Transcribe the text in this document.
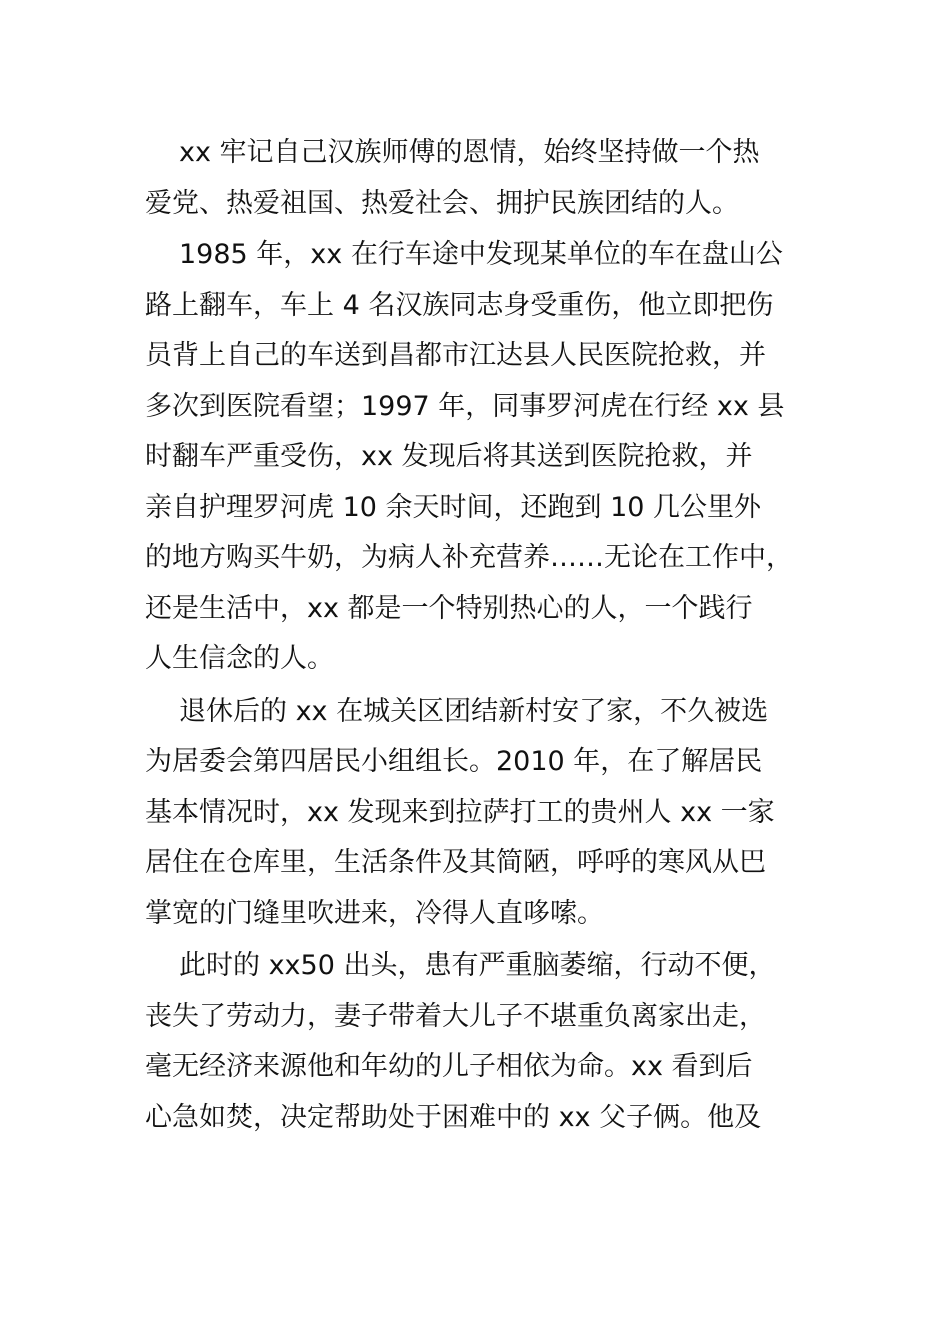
xx 牢记自己汉族师傅的恩情，始终坚持做一个热
爱党、热爱祖国、热爱社会、拥护民族团结的人。
1985 年，xx 在行车途中发现某单位的车在盘山公
路上翻车，车上 4 名汉族同志身受重伤，他立即把伤
员背上自己的车送到昌都市江达县人民医院抢救，并
多次到医院看望；1997 年，同事罗河虎在行经 xx 县
时翻车严重受伤，xx 发现后将其送到医院抢救，并
亲自护理罗河虎 10 余天时间，还跑到 10 几公里外
的地方购买牛奶，为病人补充营养……无论在工作中，
还是生活中，xx 都是一个特别热心的人，一个践行
人生信念的人。
退休后的 xx 在城关区团结新村安了家，不久被选
为居委会第四居民小组组长。2010 年，在了解居民
基本情况时，xx 发现来到拉萨打工的贵州人 xx 一家
居住在仓库里，生活条件及其简陋，呼呼的寒风从巴
掌宽的门缝里吹进来，冷得人直哆嗦。
此时的 xx50 出头，患有严重脑萎缩，行动不便，
丧失了劳动力，妻子带着大儿子不堪重负离家出走，
毫无经济来源他和年幼的儿子相依为命。xx 看到后
心急如焚，决定帮助处于困难中的 xx 父子俩。他及
